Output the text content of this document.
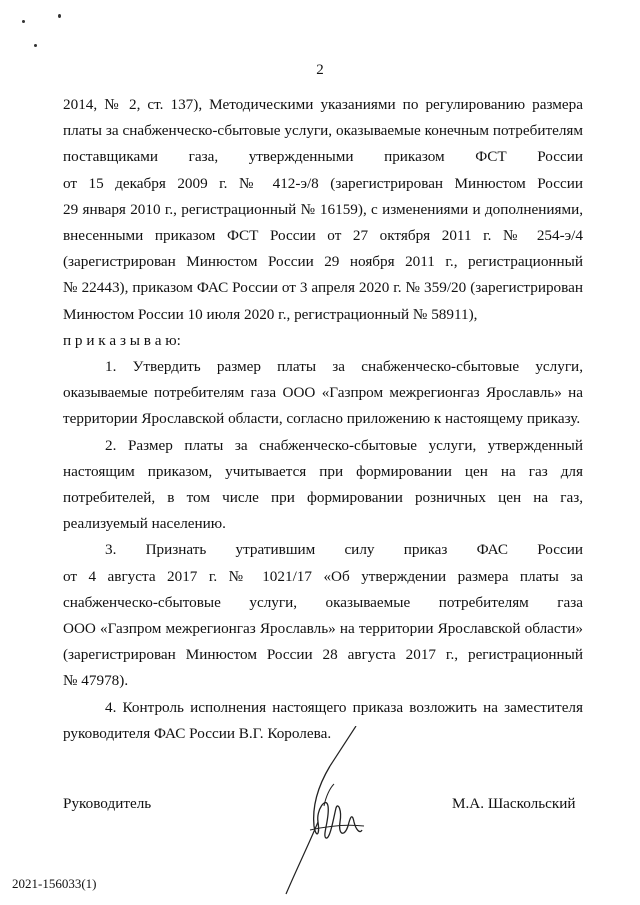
2
2014, № 2, ст. 137), Методическими указаниями по регулированию размера
платы за снабженческо-сбытовые услуги, оказываемые конечным потребителям
поставщиками газа, утвержденными приказом ФСТ России
от 15 декабря 2009 г. № 412-э/8 (зарегистрирован Минюстом России
29 января 2010 г., регистрационный № 16159), с изменениями и дополнениями,
внесенными приказом ФСТ России от 27 октября 2011 г. № 254-э/4
(зарегистрирован Минюстом России 29 ноября 2011 г., регистрационный
№ 22443), приказом ФАС России от 3 апреля 2020 г. № 359/20 (зарегистрирован
Минюстом России 10 июля 2020 г., регистрационный № 58911),
п р и к а з ы в а ю:
1. Утвердить размер платы за снабженческо-сбытовые услуги,
оказываемые потребителям газа ООО «Газпром межрегионгаз Ярославль» на
территории Ярославской области, согласно приложению к настоящему приказу.
2. Размер платы за снабженческо-сбытовые услуги, утвержденный
настоящим приказом, учитывается при формировании цен на газ для
потребителей, в том числе при формировании розничных цен на газ,
реализуемый населению.
3. Признать утратившим силу приказ ФАС России
от 4 августа 2017 г. № 1021/17 «Об утверждении размера платы за
снабженческо-сбытовые услуги, оказываемые потребителям газа
ООО «Газпром межрегионгаз Ярославль» на территории Ярославской области»
(зарегистрирован Минюстом России 28 августа 2017 г., регистрационный
№ 47978).
4. Контроль исполнения настоящего приказа возложить на заместителя
руководителя ФАС России В.Г. Королева.
Руководитель	М.А. Шаскольский
2021-156033(1)
